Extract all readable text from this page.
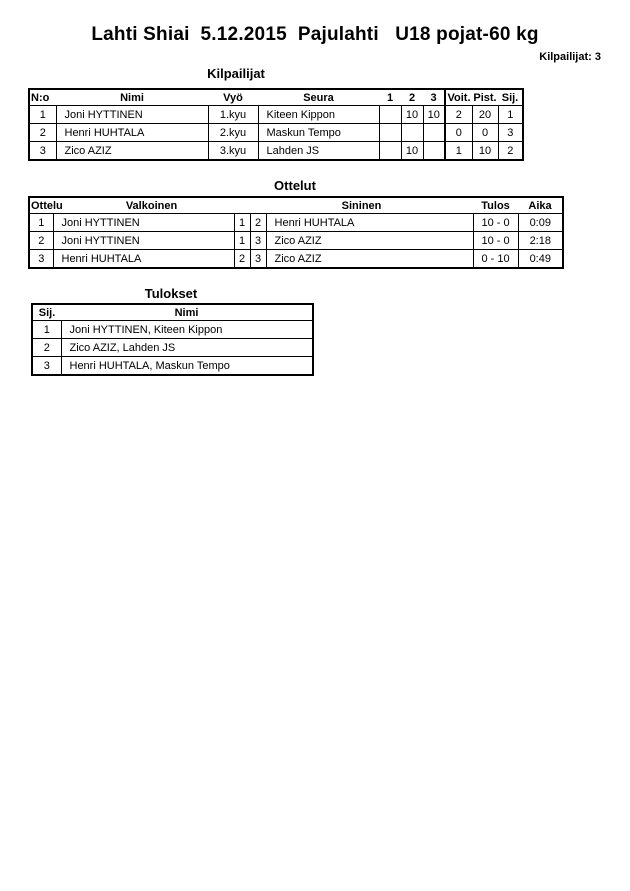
Lahti Shiai  5.12.2015  Pajulahti   U18 pojat-60 kg
Kilpailijat: 3
Kilpailijat
N:o	Nimi	Vyö	Seura	1	2	3	Voit.	Pist.	Sij.
1	Joni HYTTINEN	1.kyu	Kiteen Kippon		10	10	2	20	1
2	Henri HUHTALA	2.kyu	Maskun Tempo				0	0	3
3	Zico AZIZ	3.kyu	Lahden JS		10		1	10	2
Ottelut
Ottelu	Valkoinen		Sininen		Tulos	Aika
1	Joni HYTTINEN	1	2	Henri HUHTALA	10 - 0	0:09
2	Joni HYTTINEN	1	3	Zico AZIZ	10 - 0	2:18
3	Henri HUHTALA	2	3	Zico AZIZ	0 - 10	0:49
Tulokset
Sij.	Nimi
1	Joni HYTTINEN, Kiteen Kippon
2	Zico AZIZ, Lahden JS
3	Henri HUHTALA, Maskun Tempo
